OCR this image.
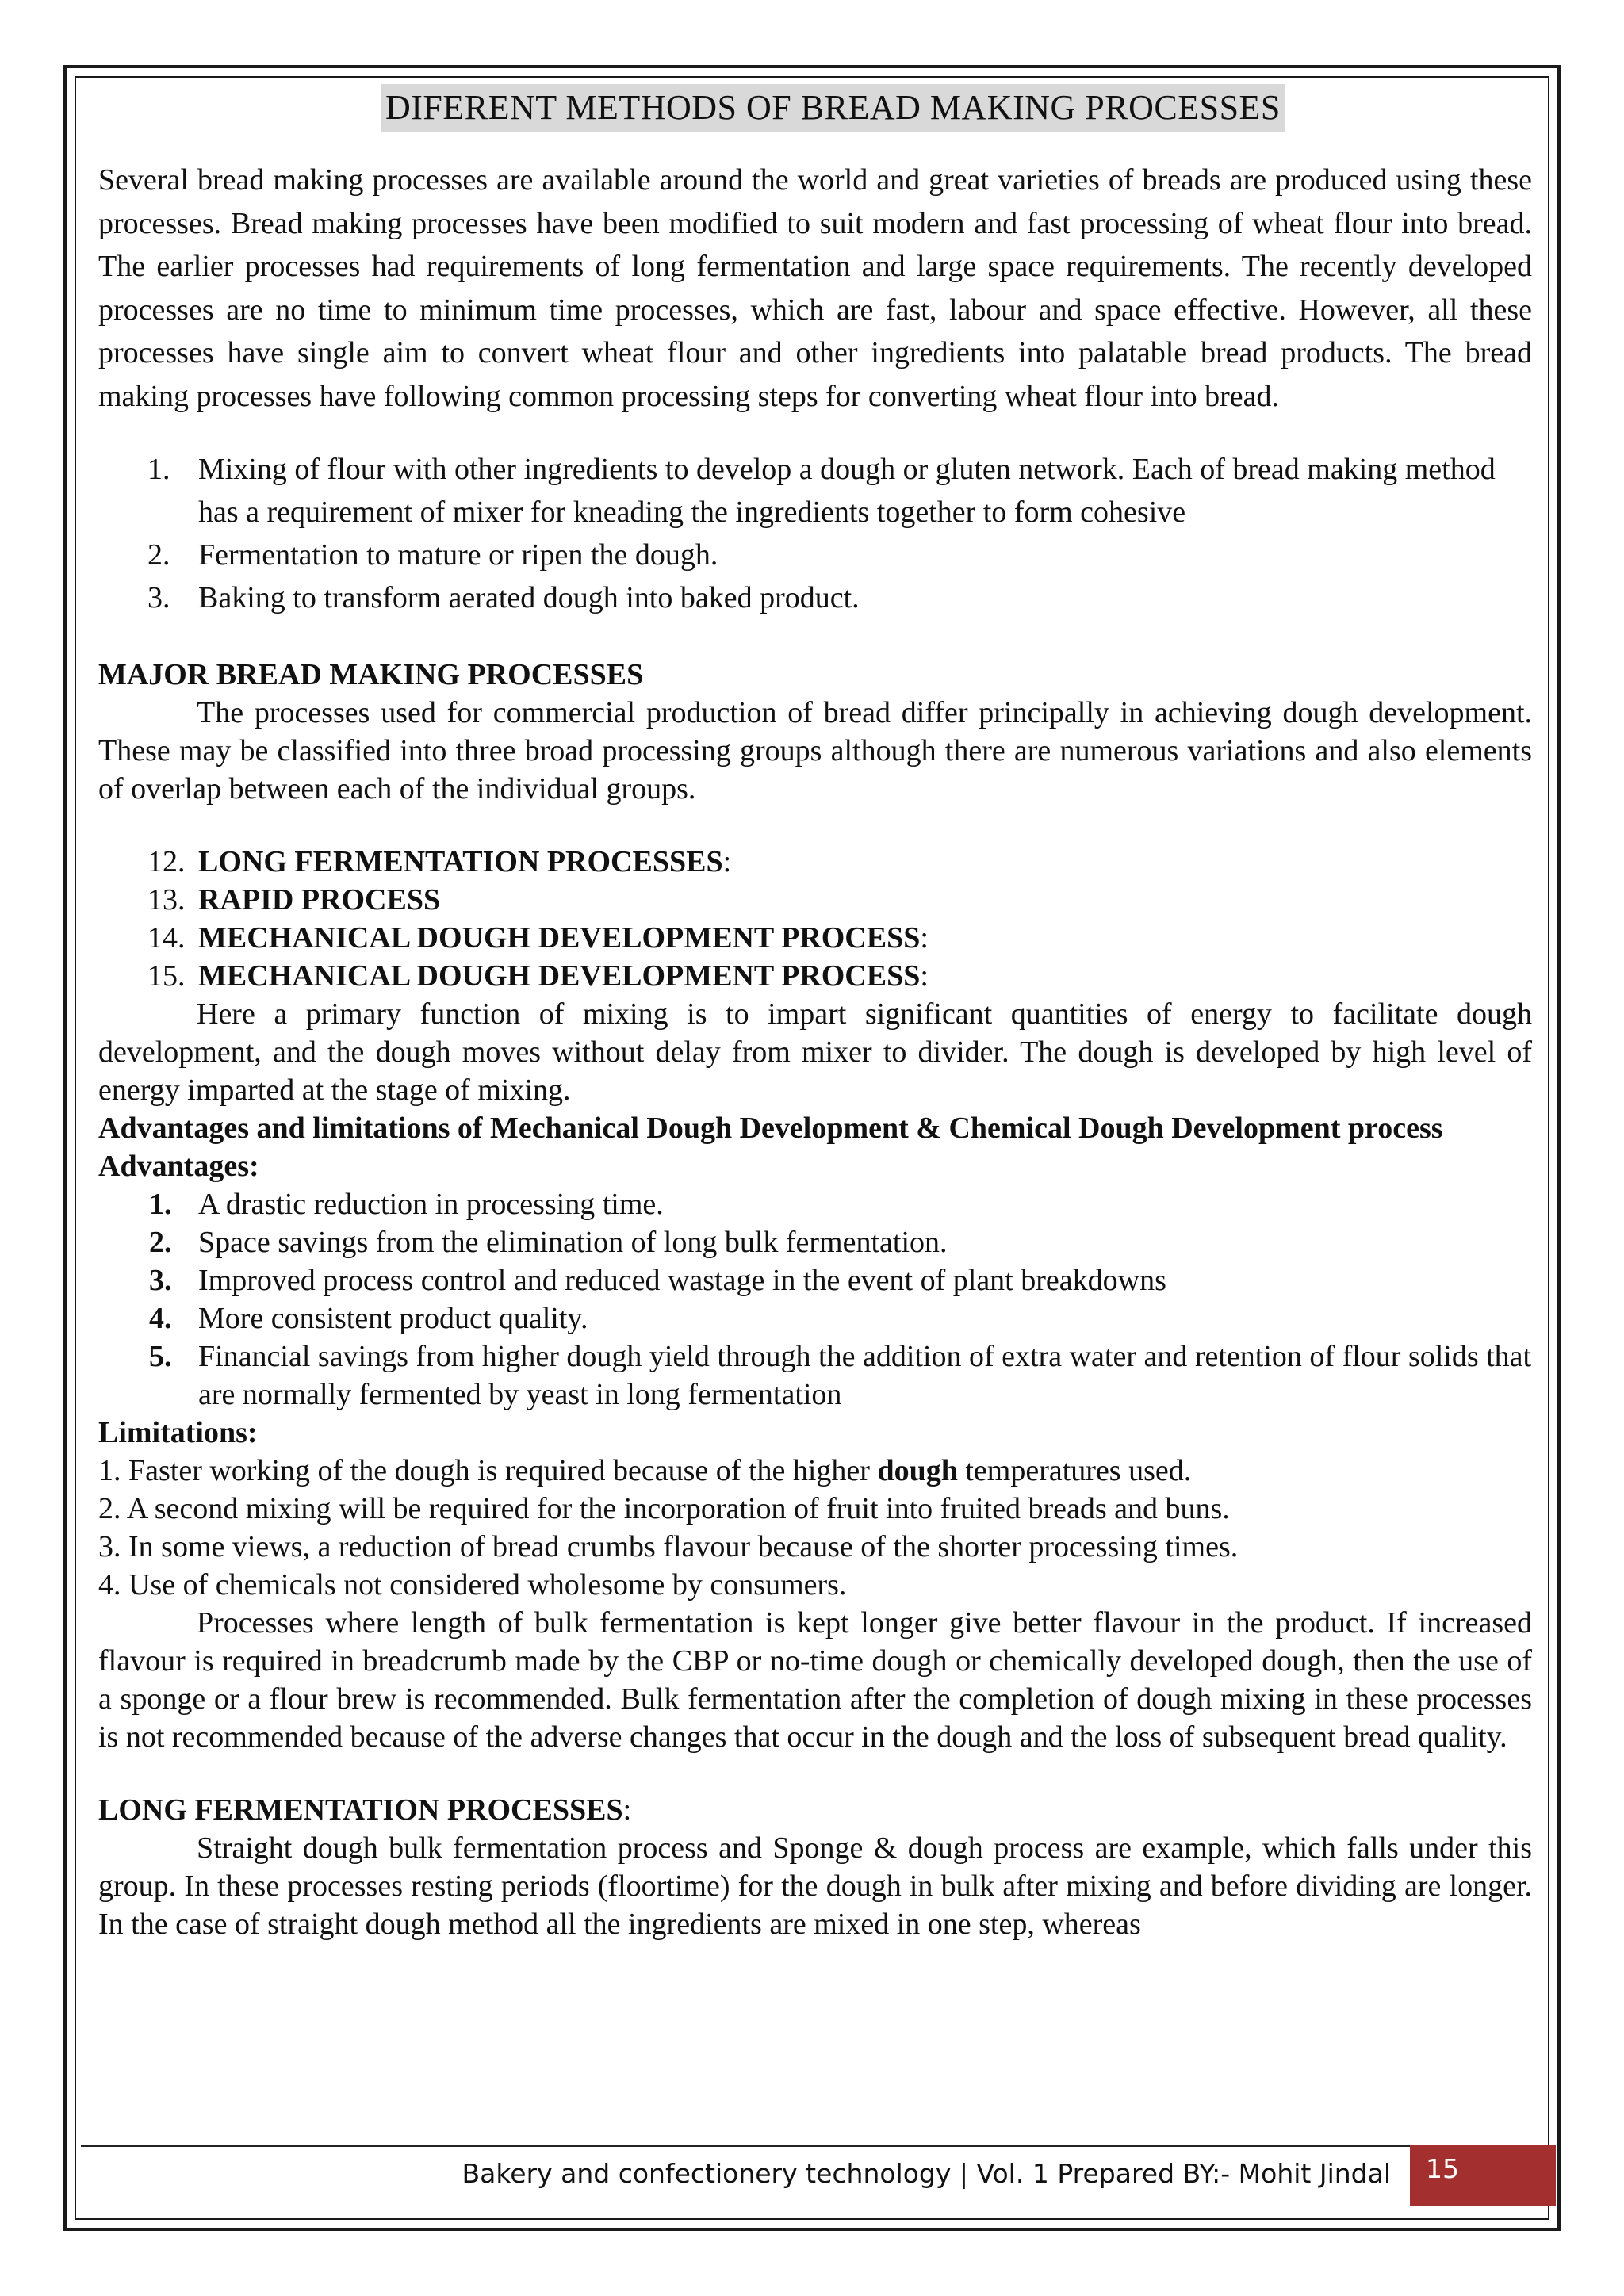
DIFERENT METHODS OF BREAD MAKING PROCESSES

Several bread making processes are available around the world and great varieties of breads are produced using these processes. Bread making processes have been modified to suit modern and fast processing of wheat flour into bread. The earlier processes had requirements of long fermentation and large space requirements. The recently developed processes are no time to minimum time processes, which are fast, labour and space effective. However, all these processes have single aim to convert wheat flour and other ingredients into palatable bread products. The bread making processes have following common processing steps for converting wheat flour into bread.

1. Mixing of flour with other ingredients to develop a dough or gluten network. Each of bread making method has a requirement of mixer for kneading the ingredients together to form cohesive
2. Fermentation to mature or ripen the dough.
3. Baking to transform aerated dough into baked product.
MAJOR BREAD MAKING PROCESSES

The processes used for commercial production of bread differ principally in achieving dough development. These may be classified into three broad processing groups although there are numerous variations and also elements of overlap between each of the individual groups.

12. LONG FERMENTATION PROCESSES:
13. RAPID PROCESS
14. MECHANICAL DOUGH DEVELOPMENT PROCESS:
15. MECHANICAL DOUGH DEVELOPMENT PROCESS:

Here a primary function of mixing is to impart significant quantities of energy to facilitate dough development, and the dough moves without delay from mixer to divider. The dough is developed by high level of energy imparted at the stage of mixing.

Advantages and limitations of Mechanical Dough Development & Chemical Dough Development process
Advantages:
1. A drastic reduction in processing time.
2. Space savings from the elimination of long bulk fermentation.
3. Improved process control and reduced wastage in the event of plant breakdowns
4. More consistent product quality.
5. Financial savings from higher dough yield through the addition of extra water and retention of flour solids that are normally fermented by yeast in long fermentation
Limitations:

1. Faster working of the dough is required because of the higher dough temperatures used.

2. A second mixing will be required for the incorporation of fruit into fruited breads and buns.

3. In some views, a reduction of bread crumbs flavour because of the shorter processing times.

4. Use of chemicals not considered wholesome by consumers.

Processes where length of bulk fermentation is kept longer give better flavour in the product. If increased flavour is required in breadcrumb made by the CBP or no-time dough or chemically developed dough, then the use of a sponge or a flour brew is recommended. Bulk fermentation after the completion of dough mixing in these processes is not recommended because of the adverse changes that occur in the dough and the loss of subsequent bread quality.

LONG FERMENTATION PROCESSES:

Straight dough bulk fermentation process and Sponge & dough process are example, which falls under this group. In these processes resting periods (floortime) for the dough in bulk after mixing and before dividing are longer. In the case of straight dough method all the ingredients are mixed in one step, whereas

Bakery and confectionery technology | Vol. 1 Prepared BY:- Mohit Jindal	15
